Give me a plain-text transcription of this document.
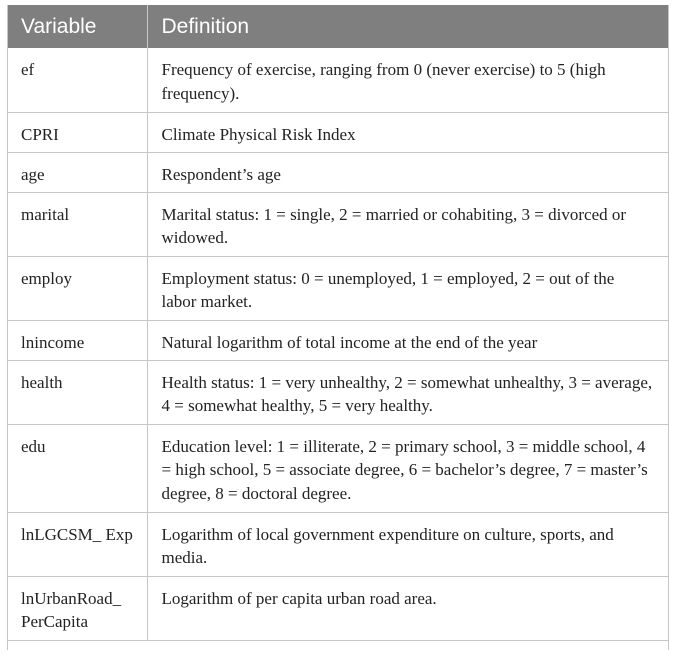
Variable	Definition
ef	Frequency of exercise, ranging from 0 (never exercise) to 5 (high frequency).
CPRI	Climate Physical Risk Index
age	Respondent’s age
marital	Marital status: 1 = single, 2 = married or cohabiting, 3 = divorced or widowed.
employ	Employment status: 0 = unemployed, 1 = employed, 2 = out of the labor market.
lnincome	Natural logarithm of total income at the end of the year
health	Health status: 1 = very unhealthy, 2 = somewhat unhealthy, 3 = average, 4 = somewhat healthy, 5 = very healthy.
edu	Education level: 1 = illiterate, 2 = primary school, 3 = middle school, 4 = high school, 5 = associate degree, 6 = bachelor’s degree, 7 = master’s degree, 8 = doctoral degree.
lnLGCSM_ Exp	Logarithm of local government expenditure on culture, sports, and media.
lnUrbanRoad_ PerCapita	Logarithm of per capita urban road area.
